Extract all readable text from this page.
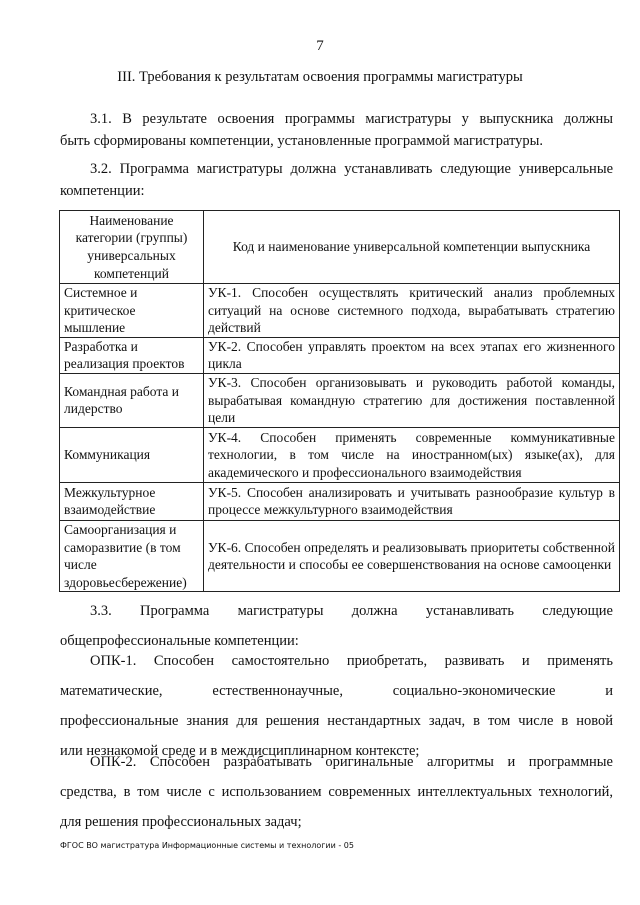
7
III. Требования к результатам освоения программы магистратуры
3.1. В результате освоения программы магистратуры у выпускника должны
быть сформированы компетенции, установленные программой магистратуры.
3.2. Программа магистратуры должна устанавливать следующие универсальные
компетенции:
Наименование категории (группы) универсальных компетенций	Код и наименование универсальной компетенции выпускника
Системное и критическое мышление	УК-1. Способен осуществлять критический анализ проблемных ситуаций на основе системного подхода, вырабатывать стратегию действий
Разработка и реализация проектов	УК-2. Способен управлять проектом на всех этапах его жизненного цикла
Командная работа и лидерство	УК-3. Способен организовывать и руководить работой команды, вырабатывая командную стратегию для достижения поставленной цели
Коммуникация	УК-4. Способен применять современные коммуникативные технологии, в том числе на иностранном(ых) языке(ах), для академического и профессионального взаимодействия
Межкультурное взаимодействие	УК-5. Способен анализировать и учитывать разнообразие культур в процессе межкультурного взаимодействия
Самоорганизация и саморазвитие (в том числе здоровьесбережение)	УК-6. Способен определять и реализовывать приоритеты собственной деятельности и способы ее совершенствования на основе самооценки
3.3. Программа магистратуры должна устанавливать следующие
общепрофессиональные компетенции:
ОПК-1. Способен самостоятельно приобретать, развивать и применять
математические, естественнонаучные, социально-экономические и
профессиональные знания для решения нестандартных задач, в том числе в новой
или незнакомой среде и в междисциплинарном контексте;
ОПК-2. Способен разрабатывать оригинальные алгоритмы и программные
средства, в том числе с использованием современных интеллектуальных технологий,
для решения профессиональных задач;
ФГОС ВО магистратура Информационные системы и технологии - 05
